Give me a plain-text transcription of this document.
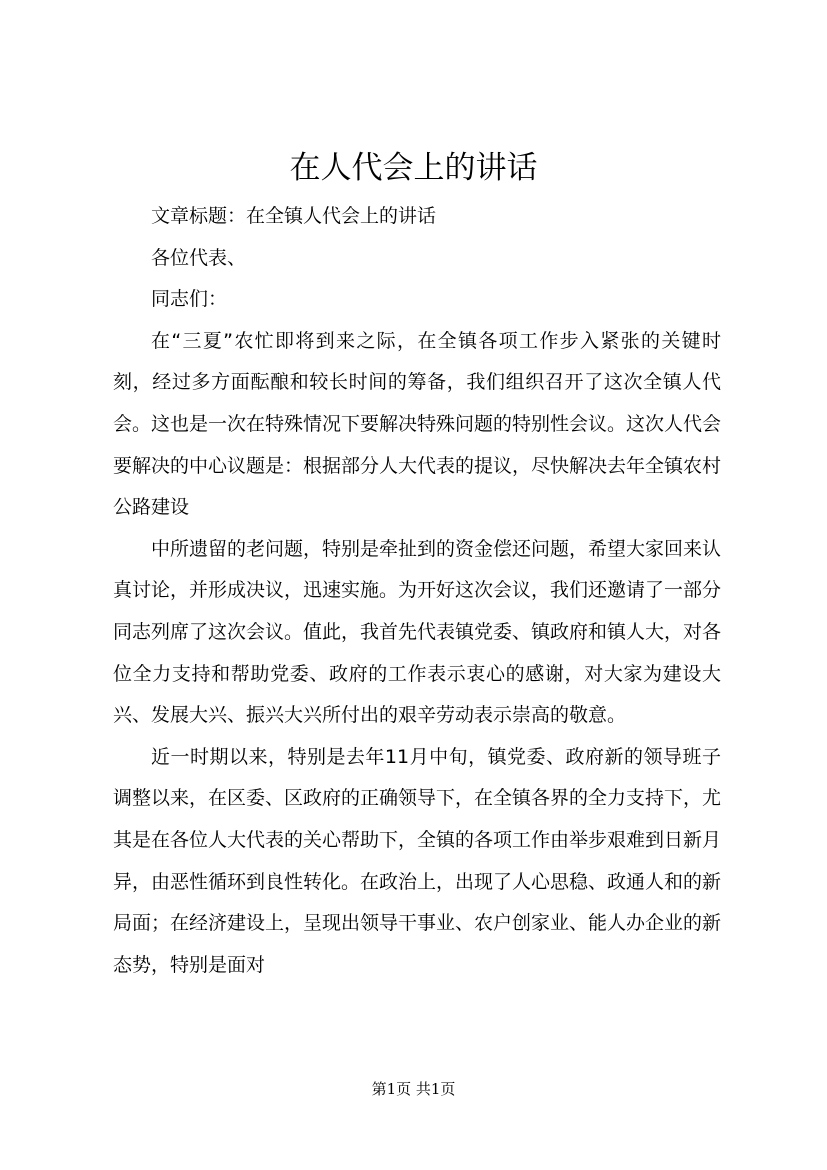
在人代会上的讲话

文章标题：在全镇人代会上的讲话

各位代表、

同志们：

在“三夏”农忙即将到来之际，在全镇各项工作步入紧张的关键时刻，经过多方面酝酿和较长时间的筹备，我们组织召开了这次全镇人代会。这也是一次在特殊情况下要解决特殊问题的特别性会议。这次人代会要解决的中心议题是：根据部分人大代表的提议，尽快解决去年全镇农村公路建设

中所遗留的老问题，特别是牵扯到的资金偿还问题，希望大家回来认真讨论，并形成决议，迅速实施。为开好这次会议，我们还邀请了一部分同志列席了这次会议。值此，我首先代表镇党委、镇政府和镇人大，对各位全力支持和帮助党委、政府的工作表示衷心的感谢，对大家为建设大兴、发展大兴、振兴大兴所付出的艰辛劳动表示崇高的敬意。

近一时期以来，特别是去年11月中旬，镇党委、政府新的领导班子调整以来，在区委、区政府的正确领导下，在全镇各界的全力支持下，尤其是在各位人大代表的关心帮助下，全镇的各项工作由举步艰难到日新月异，由恶性循环到良性转化。在政治上，出现了人心思稳、政通人和的新局面；在经济建设上，呈现出领导干事业、农户创家业、能人办企业的新态势，特别是面对

第1页 共1页
